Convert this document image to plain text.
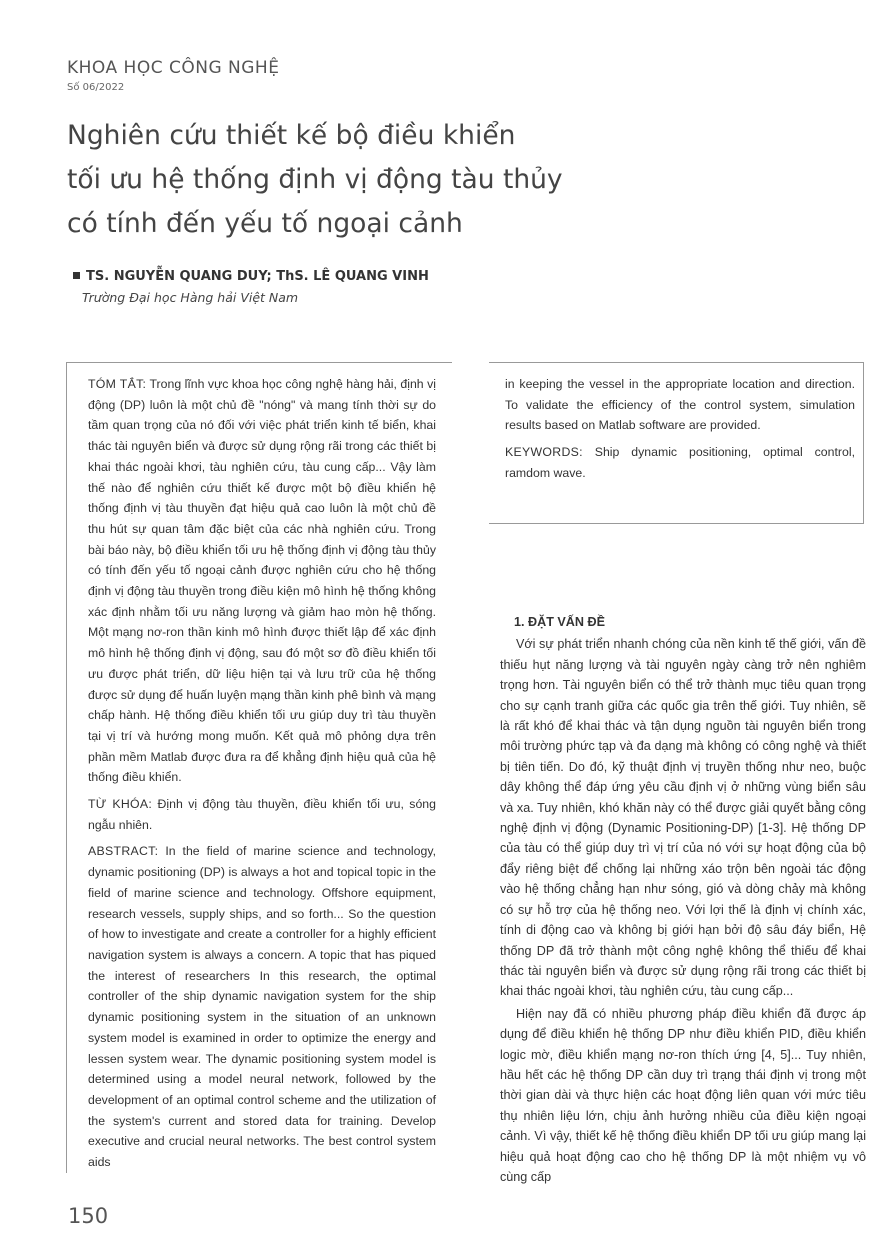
KHOA HỌC CÔNG NGHỆ
Số 06/2022
Nghiên cứu thiết kế bộ điều khiển
tối ưu hệ thống định vị động tàu thủy
có tính đến yếu tố ngoại cảnh
TS. NGUYỄN QUANG DUY; ThS. LÊ QUANG VINH
Trường Đại học Hàng hải Việt Nam

TÓM TẮT: Trong lĩnh vực khoa học công nghệ hàng hải, định vị động (DP) luôn là một chủ đề "nóng" và mang tính thời sự do tầm quan trọng của nó đối với việc phát triển kinh tế biển, khai thác tài nguyên biển và được sử dụng rộng rãi trong các thiết bị khai thác ngoài khơi, tàu nghiên cứu, tàu cung cấp... Vậy làm thế nào để nghiên cứu thiết kế được một bộ điều khiển hệ thống định vị tàu thuyền đạt hiệu quả cao luôn là một chủ đề thu hút sự quan tâm đặc biệt của các nhà nghiên cứu. Trong bài báo này, bộ điều khiển tối ưu hệ thống định vị động tàu thủy có tính đến yếu tố ngoại cảnh được nghiên cứu cho hệ thống định vị động tàu thuyền trong điều kiện mô hình hệ thống không xác định nhằm tối ưu năng lượng và giảm hao mòn hệ thống. Một mạng nơ-ron thần kinh mô hình được thiết lập để xác định mô hình hệ thống định vị động, sau đó một sơ đồ điều khiển tối ưu được phát triển, dữ liệu hiện tại và lưu trữ của hệ thống được sử dụng để huấn luyện mạng thần kinh phê bình và mạng chấp hành. Hệ thống điều khiển tối ưu giúp duy trì tàu thuyền tại vị trí và hướng mong muốn. Kết quả mô phỏng dựa trên phần mềm Matlab được đưa ra để khẳng định hiệu quả của hệ thống điều khiển.

TỪ KHÓA: Định vị động tàu thuyền, điều khiển tối ưu, sóng ngẫu nhiên.

ABSTRACT: In the field of marine science and technology, dynamic positioning (DP) is always a hot and topical topic in the field of marine science and technology. Offshore equipment, research vessels, supply ships, and so forth... So the question of how to investigate and create a controller for a highly efficient navigation system is always a concern. A topic that has piqued the interest of researchers In this research, the optimal controller of the ship dynamic navigation system for the ship dynamic positioning system in the situation of an unknown system model is examined in order to optimize the energy and lessen system wear. The dynamic positioning system model is determined using a model neural network, followed by the development of an optimal control scheme and the utilization of the system's current and stored data for training. Develop executive and crucial neural networks. The best control system aids

in keeping the vessel in the appropriate location and direction. To validate the efficiency of the control system, simulation results based on Matlab software are provided.

KEYWORDS: Ship dynamic positioning, optimal control, ramdom wave.

1. ĐẶT VẤN ĐỀ

Với sự phát triển nhanh chóng của nền kinh tế thế giới, vấn đề thiếu hụt năng lượng và tài nguyên ngày càng trở nên nghiêm trọng hơn. Tài nguyên biển có thể trở thành mục tiêu quan trọng cho sự cạnh tranh giữa các quốc gia trên thế giới. Tuy nhiên, sẽ là rất khó để khai thác và tận dụng nguồn tài nguyên biển trong môi trường phức tạp và đa dạng mà không có công nghệ và thiết bị tiên tiến. Do đó, kỹ thuật định vị truyền thống như neo, buộc dây không thể đáp ứng yêu cầu định vị ở những vùng biển sâu và xa. Tuy nhiên, khó khăn này có thể được giải quyết bằng công nghệ định vị động (Dynamic Positioning-DP) [1-3]. Hệ thống DP của tàu có thể giúp duy trì vị trí của nó với sự hoạt động của bộ đẩy riêng biệt để chống lại những xáo trộn bên ngoài tác động vào hệ thống chẳng hạn như sóng, gió và dòng chảy mà không có sự hỗ trợ của hệ thống neo. Với lợi thế là định vị chính xác, tính di động cao và không bị giới hạn bởi độ sâu đáy biển, Hệ thống DP đã trở thành một công nghệ không thể thiếu để khai thác tài nguyên biển và được sử dụng rộng rãi trong các thiết bị khai thác ngoài khơi, tàu nghiên cứu, tàu cung cấp...

Hiện nay đã có nhiều phương pháp điều khiển đã được áp dụng để điều khiển hệ thống DP như điều khiển PID, điều khiển logic mờ, điều khiển mạng nơ-ron thích ứng [4, 5]... Tuy nhiên, hầu hết các hệ thống DP cần duy trì trạng thái định vị trong một thời gian dài và thực hiện các hoạt động liên quan với mức tiêu thụ nhiên liệu lớn, chịu ảnh hưởng nhiều của điều kiện ngoại cảnh. Vì vậy, thiết kế hệ thống điều khiển DP tối ưu giúp mang lại hiệu quả hoạt động cao cho hệ thống DP là một nhiệm vụ vô cùng cấp

150
